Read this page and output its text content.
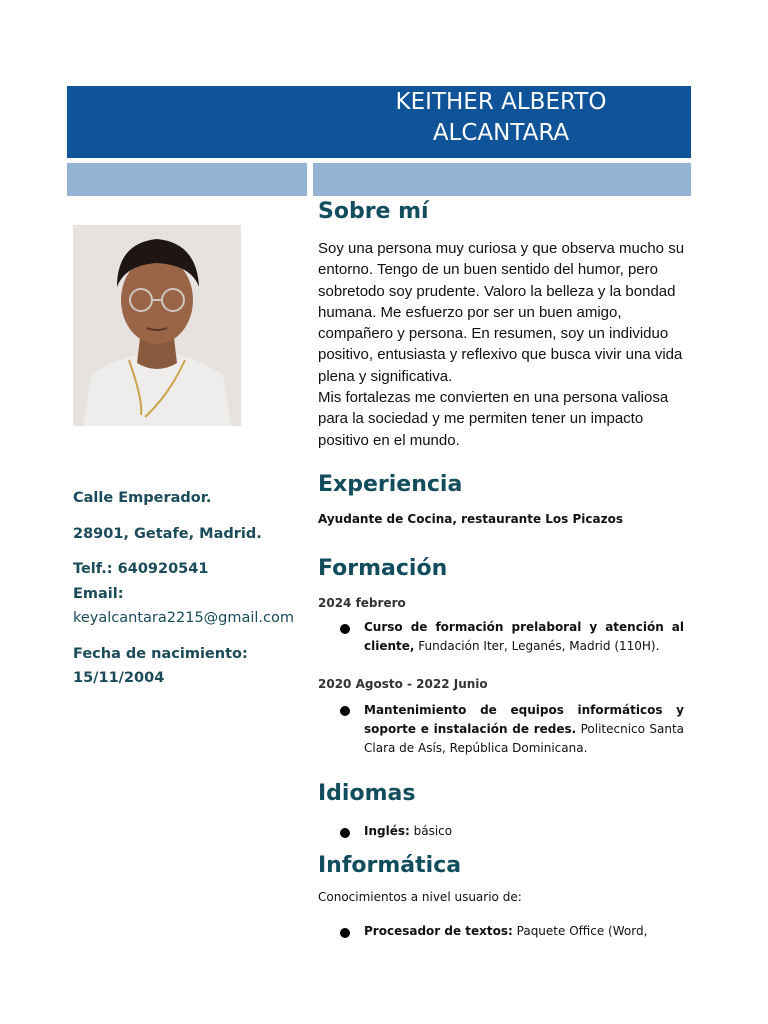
KEITHER ALBERTO
ALCANTARA
Calle Emperador.
28901, Getafe, Madrid.
Telf.: 640920541
Email:
keyalcantara2215@gmail.com
Fecha de nacimiento:
15/11/2004
Sobre mí
Soy una persona muy curiosa y que observa mucho su entorno. Tengo de un buen sentido del humor, pero sobretodo soy prudente. Valoro la belleza y la bondad humana. Me esfuerzo por ser un buen amigo, compañero y persona. En resumen, soy un individuo positivo, entusiasta y reflexivo que busca vivir una vida plena y significativa.
Mis fortalezas me convierten en una persona valiosa para la sociedad y me permiten tener un impacto positivo en el mundo.
Experiencia
Ayudante de Cocina, restaurante Los Picazos
Formación
2024 febrero
Curso de formación prelaboral y atención al cliente, Fundación Iter, Leganés, Madrid (110H).
2020 Agosto - 2022 Junio
Mantenimiento de equipos informáticos y soporte e instalación de redes. Politecnico Santa Clara de Asís, República Dominicana.
Idiomas
Inglés: básico
Informática
Conocimientos a nivel usuario de:
Procesador de textos: Paquete Office (Word,
